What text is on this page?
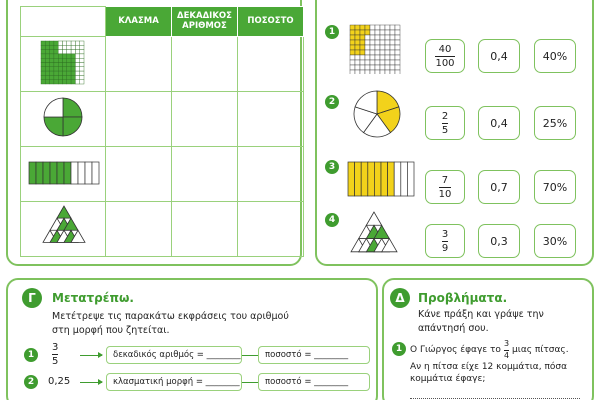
	ΚΛΑΣΜΑ	ΔΕΚΑΔΙΚΟΣ ΑΡΙΘΜΟΣ	ΠΟΣΟΣΤΟ

1
$\frac{40}{100}$	0,4	40%
2
$\frac{2}{5}$	0,4	25%
3
$\frac{7}{10}$	0,7	70%
4
$\frac{3}{9}$	0,3	30%
Γ	Μετατρέπω.
Μετέτρεψε τις παρακάτω εκφράσεις του αριθμού
στη μορφή που ζητείται.
1
3
5
δεκαδικός αριθμός = ________	ποσοστό = ________
2	0,25	κλασματική μορφή = ________	ποσοστό = ________
Δ	Προβλήματα.
Κάνε πράξη και γράψε την
απάντησή σου.
1 Ο Γιώργος έφαγε το $\frac{3}{4}$ μιας πίτσας.
Αν η πίτσα είχε 12 κομμάτια, πόσα
κομμάτια έφαγε;
